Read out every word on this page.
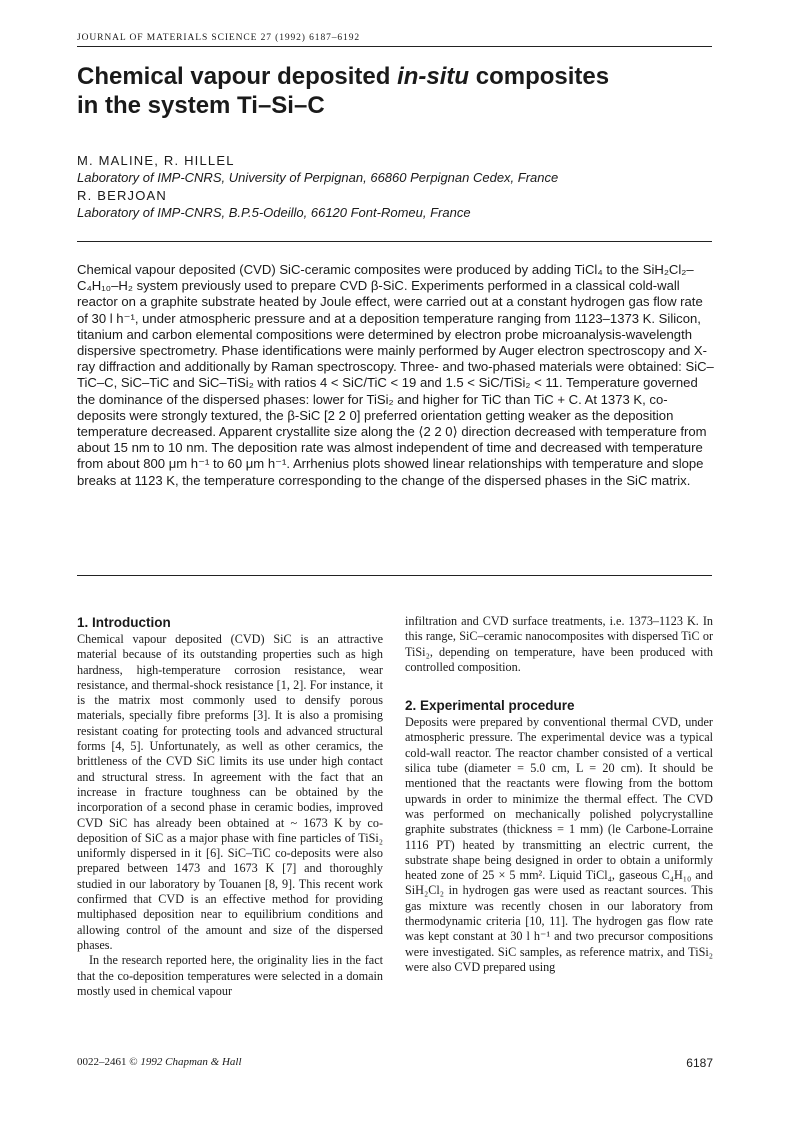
JOURNAL OF MATERIALS SCIENCE 27 (1992) 6187–6192
Chemical vapour deposited in-situ composites
in the system Ti–Si–C
M. MALINE, R. HILLEL
Laboratory of IMP-CNRS, University of Perpignan, 66860 Perpignan Cedex, France
R. BERJOAN
Laboratory of IMP-CNRS, B.P.5-Odeillo, 66120 Font-Romeu, France

Chemical vapour deposited (CVD) SiC-ceramic composites were produced by adding TiCl₄ to the SiH₂Cl₂–C₄H₁₀–H₂ system previously used to prepare CVD β-SiC. Experiments performed in a classical cold-wall reactor on a graphite substrate heated by Joule effect, were carried out at a constant hydrogen gas flow rate of 30 l h⁻¹, under atmospheric pressure and at a deposition temperature ranging from 1123–1373 K. Silicon, titanium and carbon elemental compositions were determined by electron probe microanalysis-wavelength dispersive spectrometry. Phase identifications were mainly performed by Auger electron spectroscopy and X-ray diffraction and additionally by Raman spectroscopy. Three- and two-phased materials were obtained: SiC–TiC–C, SiC–TiC and SiC–TiSi₂ with ratios 4 < SiC/TiC < 19 and 1.5 < SiC/TiSi₂ < 11. Temperature governed the dominance of the dispersed phases: lower for TiSi₂ and higher for TiC than TiC + C. At 1373 K, co-deposits were strongly textured, the β-SiC [2 2 0] preferred orientation getting weaker as the deposition temperature decreased. Apparent crystallite size along the ⟨2 2 0⟩ direction decreased with temperature from about 15 nm to 10 nm. The deposition rate was almost independent of time and decreased with temperature from about 800 μm h⁻¹ to 60 μm h⁻¹. Arrhenius plots showed linear relationships with temperature and slope breaks at 1123 K, the temperature corresponding to the change of the dispersed phases in the SiC matrix.

1. Introduction

Chemical vapour deposited (CVD) SiC is an attractive material because of its outstanding properties such as high hardness, high-temperature corrosion resistance, wear resistance, and thermal-shock resistance [1, 2]. For instance, it is the matrix most commonly used to densify porous materials, specially fibre preforms [3]. It is also a promising resistant coating for protecting tools and advanced structural forms [4, 5]. Unfortunately, as well as other ceramics, the brittleness of the CVD SiC limits its use under high contact and structural stress. In agreement with the fact that an increase in fracture toughness can be obtained by the incorporation of a second phase in ceramic bodies, improved CVD SiC has already been obtained at ~ 1673 K by co-deposition of SiC as a major phase with fine particles of TiSi₂ uniformly dispersed in it [6]. SiC–TiC co-deposits were also prepared between 1473 and 1673 K [7] and thoroughly studied in our laboratory by Touanen [8, 9]. This recent work confirmed that CVD is an effective method for providing multiphased deposition near to equilibrium conditions and allowing control of the amount and size of the dispersed phases.

In the research reported here, the originality lies in the fact that the co-deposition temperatures were selected in a domain mostly used in chemical vapour

infiltration and CVD surface treatments, i.e. 1373–1123 K. In this range, SiC–ceramic nanocomposites with dispersed TiC or TiSi₂, depending on temperature, have been produced with controlled composition.

2. Experimental procedure

Deposits were prepared by conventional thermal CVD, under atmospheric pressure. The experimental device was a typical cold-wall reactor. The reactor chamber consisted of a vertical silica tube (diameter = 5.0 cm, L = 20 cm). It should be mentioned that the reactants were flowing from the bottom upwards in order to minimize the thermal effect. The CVD was performed on mechanically polished polycrystalline graphite substrates (thickness = 1 mm) (le Carbone-Lorraine 1116 PT) heated by transmitting an electric current, the substrate shape being designed in order to obtain a uniformly heated zone of 25 × 5 mm². Liquid TiCl₄, gaseous C₄H₁₀ and SiH₂Cl₂ in hydrogen gas were used as reactant sources. This gas mixture was recently chosen in our laboratory from thermodynamic criteria [10, 11]. The hydrogen gas flow rate was kept constant at 30 l h⁻¹ and two precursor compositions were investigated. SiC samples, as reference matrix, and TiSi₂ were also CVD prepared using

0022–2461 © 1992 Chapman & Hall	6187
